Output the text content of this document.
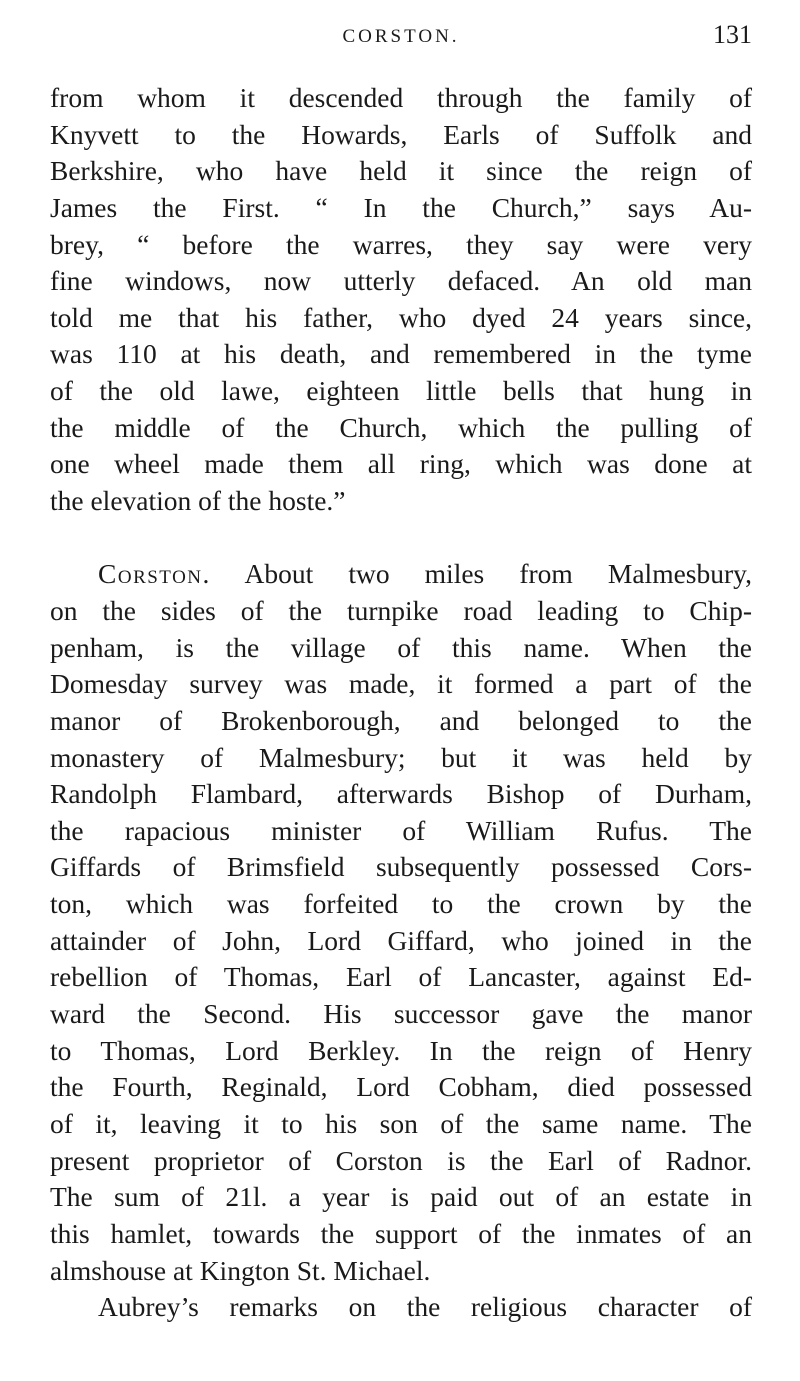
CORSTON.	131
from whom it descended through the family of
Knyvett to the Howards, Earls of Suffolk and
Berkshire, who have held it since the reign of
James the First. “ In the Church,” says Au-
brey, “ before the warres, they say were very
fine windows, now utterly defaced. An old man
told me that his father, who dyed 24 years since,
was 110 at his death, and remembered in the tyme
of the old lawe, eighteen little bells that hung in
the middle of the Church, which the pulling of
one wheel made them all ring, which was done at
the elevation of the hoste.”
Corston. About two miles from Malmesbury,
on the sides of the turnpike road leading to Chip-
penham, is the village of this name. When the
Domesday survey was made, it formed a part of the
manor of Brokenborough, and belonged to the
monastery of Malmesbury; but it was held by
Randolph Flambard, afterwards Bishop of Durham,
the rapacious minister of William Rufus. The
Giffards of Brimsfield subsequently possessed Cors-
ton, which was forfeited to the crown by the
attainder of John, Lord Giffard, who joined in the
rebellion of Thomas, Earl of Lancaster, against Ed-
ward the Second. His successor gave the manor
to Thomas, Lord Berkley. In the reign of Henry
the Fourth, Reginald, Lord Cobham, died possessed
of it, leaving it to his son of the same name. The
present proprietor of Corston is the Earl of Radnor.
The sum of 21l. a year is paid out of an estate in
this hamlet, towards the support of the inmates of an
almshouse at Kington St. Michael.
Aubrey’s remarks on the religious character of
